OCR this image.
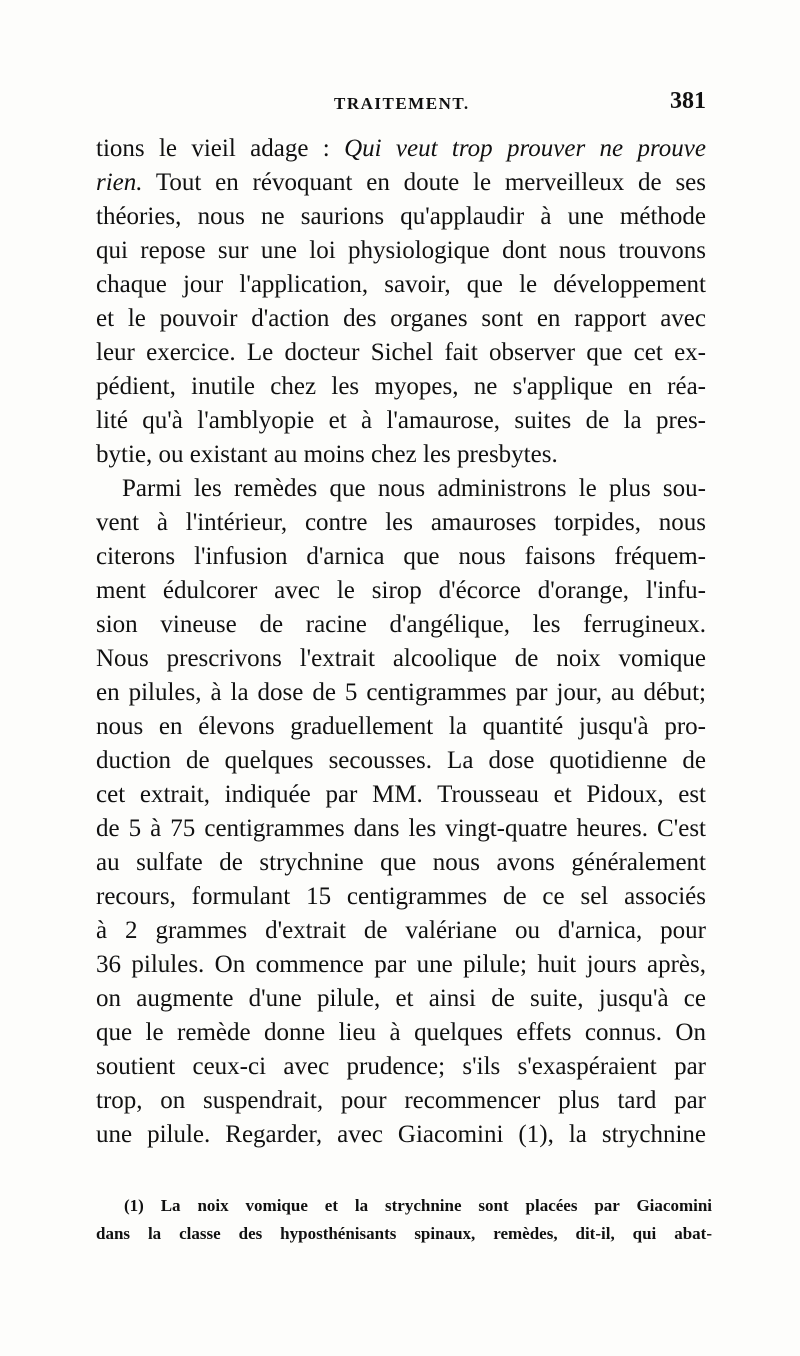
TRAITEMENT.	381
tions le vieil adage : Qui veut trop prouver ne prouve
rien. Tout en révoquant en doute le merveilleux de ses
théories, nous ne saurions qu'applaudir à une méthode
qui repose sur une loi physiologique dont nous trouvons
chaque jour l'application, savoir, que le développement
et le pouvoir d'action des organes sont en rapport avec
leur exercice. Le docteur Sichel fait observer que cet ex-
pédient, inutile chez les myopes, ne s'applique en réa-
lité qu'à l'amblyopie et à l'amaurose, suites de la pres-
bytie, ou existant au moins chez les presbytes.
Parmi les remèdes que nous administrons le plus sou-
vent à l'intérieur, contre les amauroses torpides, nous
citerons l'infusion d'arnica que nous faisons fréquem-
ment édulcorer avec le sirop d'écorce d'orange, l'infu-
sion vineuse de racine d'angélique, les ferrugineux.
Nous prescrivons l'extrait alcoolique de noix vomique
en pilules, à la dose de 5 centigrammes par jour, au début;
nous en élevons graduellement la quantité jusqu'à pro-
duction de quelques secousses. La dose quotidienne de
cet extrait, indiquée par MM. Trousseau et Pidoux, est
de 5 à 75 centigrammes dans les vingt-quatre heures. C'est
au sulfate de strychnine que nous avons généralement
recours, formulant 15 centigrammes de ce sel associés
à 2 grammes d'extrait de valériane ou d'arnica, pour
36 pilules. On commence par une pilule; huit jours après,
on augmente d'une pilule, et ainsi de suite, jusqu'à ce
que le remède donne lieu à quelques effets connus. On
soutient ceux-ci avec prudence; s'ils s'exaspéraient par
trop, on suspendrait, pour recommencer plus tard par
une pilule. Regarder, avec Giacomini (1), la strychnine
(1) La noix vomique et la strychnine sont placées par Giacomini
dans la classe des hyposthénisants spinaux, remèdes, dit-il, qui abat-
